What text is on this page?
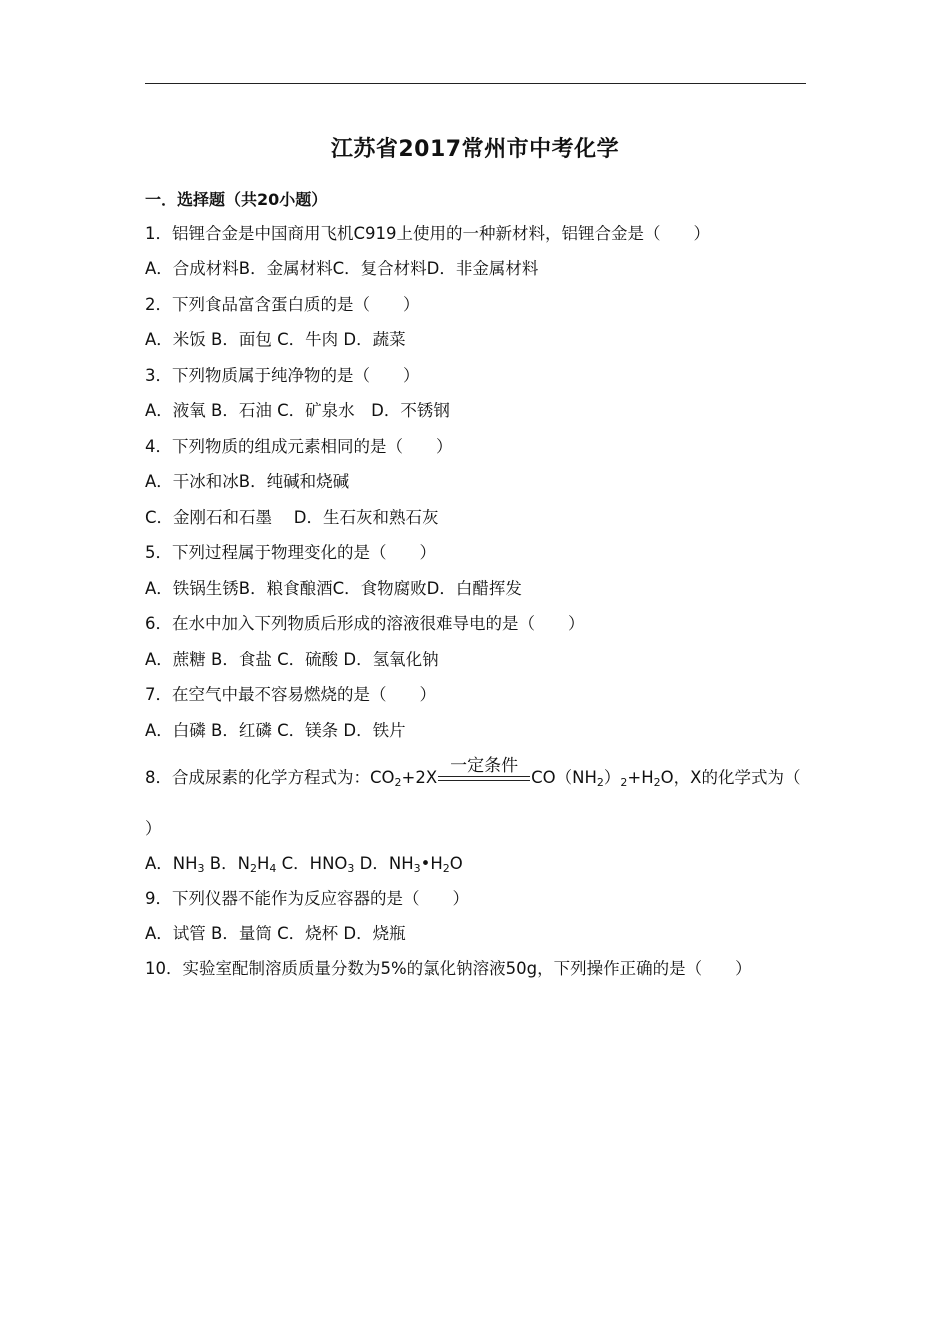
江苏省2017常州市中考化学
一．选择题（共20小题）
1．铝锂合金是中国商用飞机C919上使用的一种新材料，铝锂合金是（　　）
A．合成材料B．金属材料C．复合材料D．非金属材料
2．下列食品富含蛋白质的是（　　）
A．米饭 B．面包 C．牛肉 D．蔬菜
3．下列物质属于纯净物的是（　　）
A．液氧 B．石油 C．矿泉水　D．不锈钢
4．下列物质的组成元素相同的是（　　）
A．干冰和冰B．纯碱和烧碱
C．金刚石和石墨　 D．生石灰和熟石灰
5．下列过程属于物理变化的是（　　）
A．铁锅生锈B．粮食酿酒C．食物腐败D．白醋挥发
6．在水中加入下列物质后形成的溶液很难导电的是（　　）
A．蔗糖 B．食盐 C．硫酸 D．氢氧化钠
7．在空气中最不容易燃烧的是（　　）
A．白磷 B．红磷 C．镁条 D．铁片
8．合成尿素的化学方程式为：$CO_2+2X$
一定条件
$CO(NH_2)_2+H_2O$，X的化学式为（
）
A．$NH_3$ B．$N_2H_4$ C．$HNO_3$ D．$NH_3•H_2O$
9．下列仪器不能作为反应容器的是（　　）
A．试管 B．量筒 C．烧杯 D．烧瓶
10．实验室配制溶质质量分数为5%的氯化钠溶液50g，下列操作正确的是（　　）
